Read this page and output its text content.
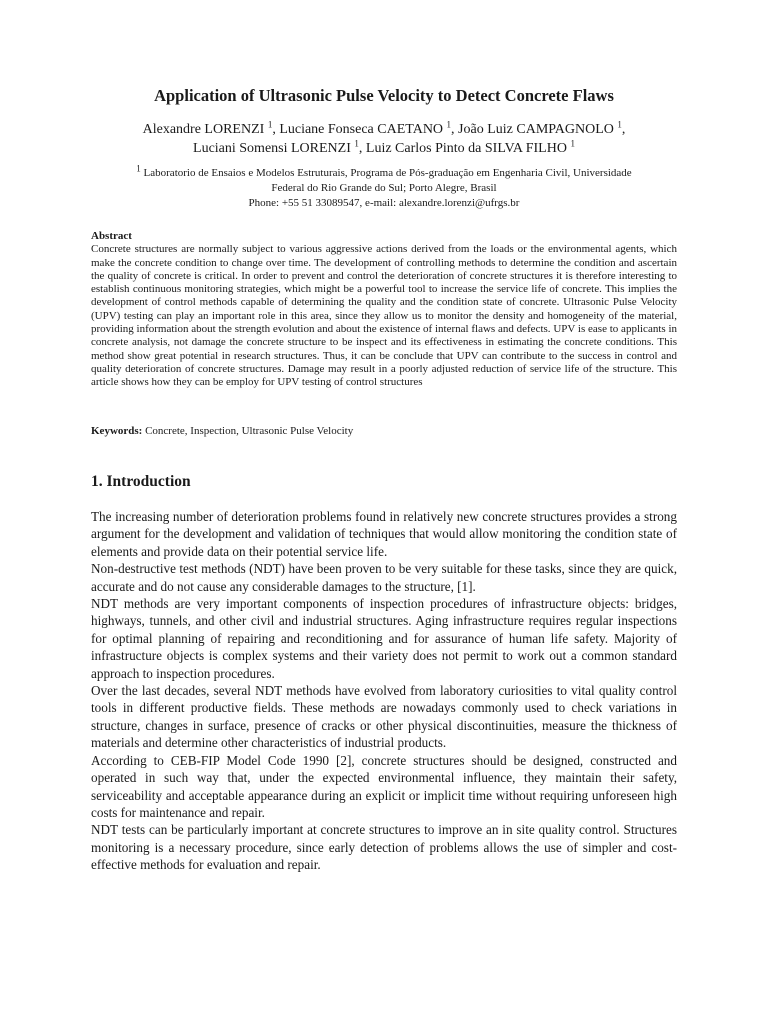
Application of Ultrasonic Pulse Velocity to Detect Concrete Flaws
Alexandre LORENZI $^1$, Luciane Fonseca CAETANO $^1$, João Luiz CAMPAGNOLO $^1$,
Luciani Somensi LORENZI $^1$, Luiz Carlos Pinto da SILVA FILHO $^1$
$^1$ Laboratorio de Ensaios e Modelos Estruturais, Programa de Pós-graduação em Engenharia Civil, Universidade
Federal do Rio Grande do Sul; Porto Alegre, Brasil
Phone: +55 51 33089547, e-mail: alexandre.lorenzi@ufrgs.br
Abstract
Concrete structures are normally subject to various aggressive actions derived from the loads or the environmental agents, which make the concrete condition to change over time. The development of controlling methods to determine the condition and ascertain the quality of concrete is critical. In order to prevent and control the deterioration of concrete structures it is therefore interesting to establish continuous monitoring strategies, which might be a powerful tool to increase the service life of concrete. This implies the development of control methods capable of determining the quality and the condition state of concrete. Ultrasonic Pulse Velocity (UPV) testing can play an important role in this area, since they allow us to monitor the density and homogeneity of the material, providing information about the strength evolution and about the existence of internal flaws and defects. UPV is ease to applicants in concrete analysis, not damage the concrete structure to be inspect and its effectiveness in estimating the concrete conditions. This method show great potential in research structures. Thus, it can be conclude that UPV can contribute to the success in control and quality deterioration of concrete structures. Damage may result in a poorly adjusted reduction of service life of the structure. This article shows how they can be employ for UPV testing of control structures
Keywords: Concrete, Inspection, Ultrasonic Pulse Velocity
1. Introduction

The increasing number of deterioration problems found in relatively new concrete structures provides a strong argument for the development and validation of techniques that would allow monitoring the condition state of elements and provide data on their potential service life.

Non-destructive test methods (NDT) have been proven to be very suitable for these tasks, since they are quick, accurate and do not cause any considerable damages to the structure, [1].

NDT methods are very important components of inspection procedures of infrastructure objects: bridges, highways, tunnels, and other civil and industrial structures. Aging infrastructure requires regular inspections for optimal planning of repairing and reconditioning and for assurance of human life safety. Majority of infrastructure objects is complex systems and their variety does not permit to work out a common standard approach to inspection procedures.

Over the last decades, several NDT methods have evolved from laboratory curiosities to vital quality control tools in different productive fields. These methods are nowadays commonly used to check variations in structure, changes in surface, presence of cracks or other physical discontinuities, measure the thickness of materials and determine other characteristics of industrial products.

According to CEB-FIP Model Code 1990 [2], concrete structures should be designed, constructed and operated in such way that, under the expected environmental influence, they maintain their safety, serviceability and acceptable appearance during an explicit or implicit time without requiring unforeseen high costs for maintenance and repair.

NDT tests can be particularly important at concrete structures to improve an in site quality control. Structures monitoring is a necessary procedure, since early detection of problems allows the use of simpler and cost-effective methods for evaluation and repair.
